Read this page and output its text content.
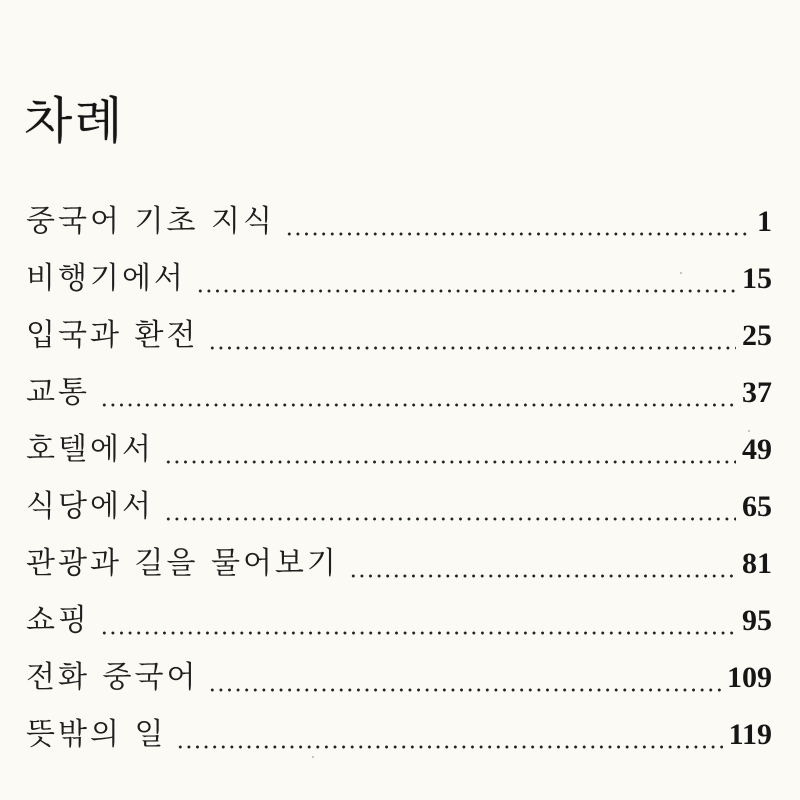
차례
중국어 기초 지식	1
비행기에서	15
입국과 환전	25
교통	37
호텔에서	49
식당에서	65
관광과 길을 물어보기	81
쇼핑	95
전화 중국어	109
뜻밖의 일	119
